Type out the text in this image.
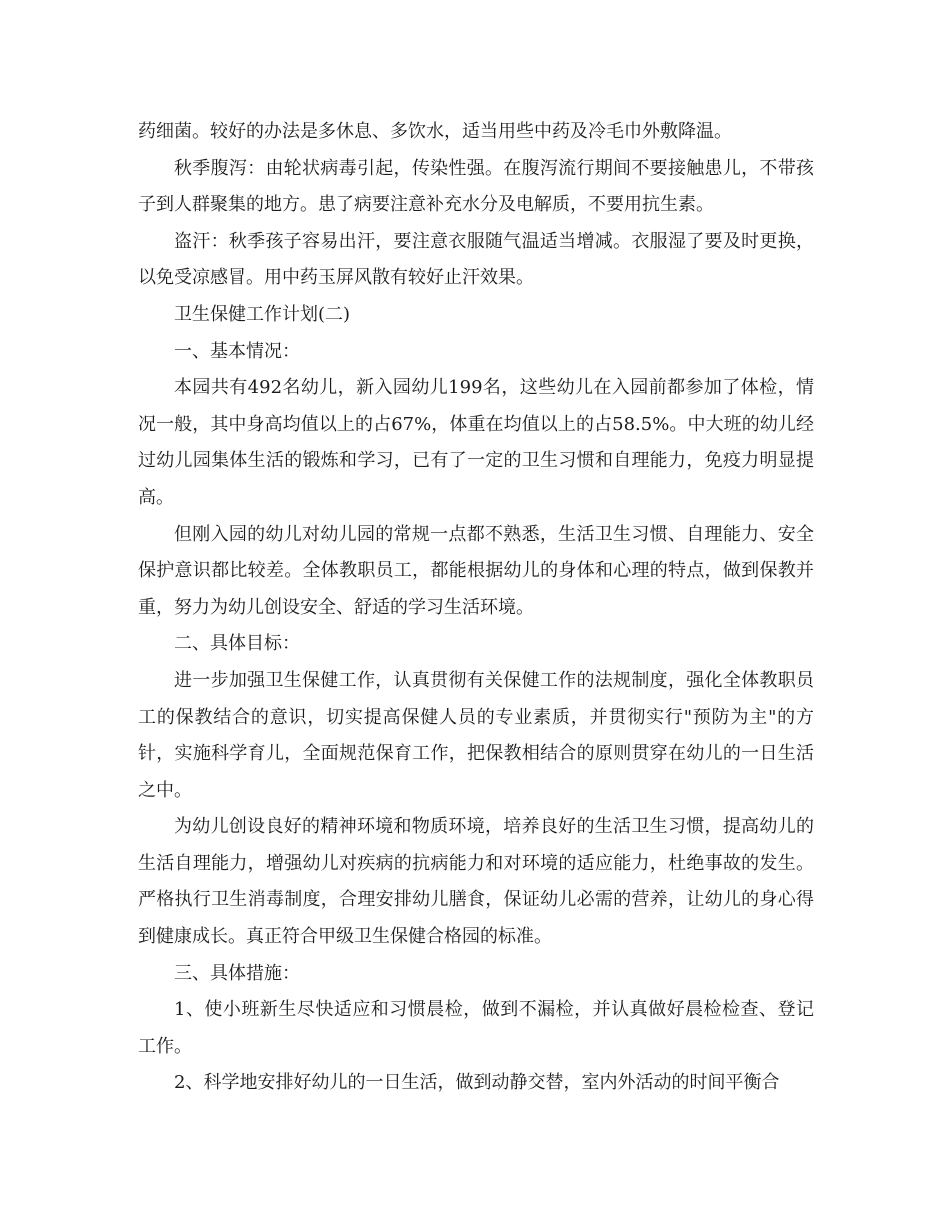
药细菌。较好的办法是多休息、多饮水，适当用些中药及冷毛巾外敷降温。

秋季腹泻：由轮状病毒引起，传染性强。在腹泻流行期间不要接触患儿，不带孩子到人群聚集的地方。患了病要注意补充水分及电解质，不要用抗生素。

盗汗：秋季孩子容易出汗，要注意衣服随气温适当增减。衣服湿了要及时更换，以免受凉感冒。用中药玉屏风散有较好止汗效果。

卫生保健工作计划(二)

一、基本情况：

本园共有492名幼儿，新入园幼儿199名，这些幼儿在入园前都参加了体检，情况一般，其中身高均值以上的占67%，体重在均值以上的占58.5%。中大班的幼儿经过幼儿园集体生活的锻炼和学习，已有了一定的卫生习惯和自理能力，免疫力明显提高。

但刚入园的幼儿对幼儿园的常规一点都不熟悉，生活卫生习惯、自理能力、安全保护意识都比较差。全体教职员工，都能根据幼儿的身体和心理的特点，做到保教并重，努力为幼儿创设安全、舒适的学习生活环境。

二、具体目标：

进一步加强卫生保健工作，认真贯彻有关保健工作的法规制度，强化全体教职员工的保教结合的意识，切实提高保健人员的专业素质，并贯彻实行"预防为主"的方针，实施科学育儿，全面规范保育工作，把保教相结合的原则贯穿在幼儿的一日生活之中。

为幼儿创设良好的精神环境和物质环境，培养良好的生活卫生习惯，提高幼儿的生活自理能力，增强幼儿对疾病的抗病能力和对环境的适应能力，杜绝事故的发生。严格执行卫生消毒制度，合理安排幼儿膳食，保证幼儿必需的营养，让幼儿的身心得到健康成长。真正符合甲级卫生保健合格园的标准。

三、具体措施：

1、使小班新生尽快适应和习惯晨检，做到不漏检，并认真做好晨检检查、登记工作。

2、科学地安排好幼儿的一日生活，做到动静交替，室内外活动的时间平衡合
